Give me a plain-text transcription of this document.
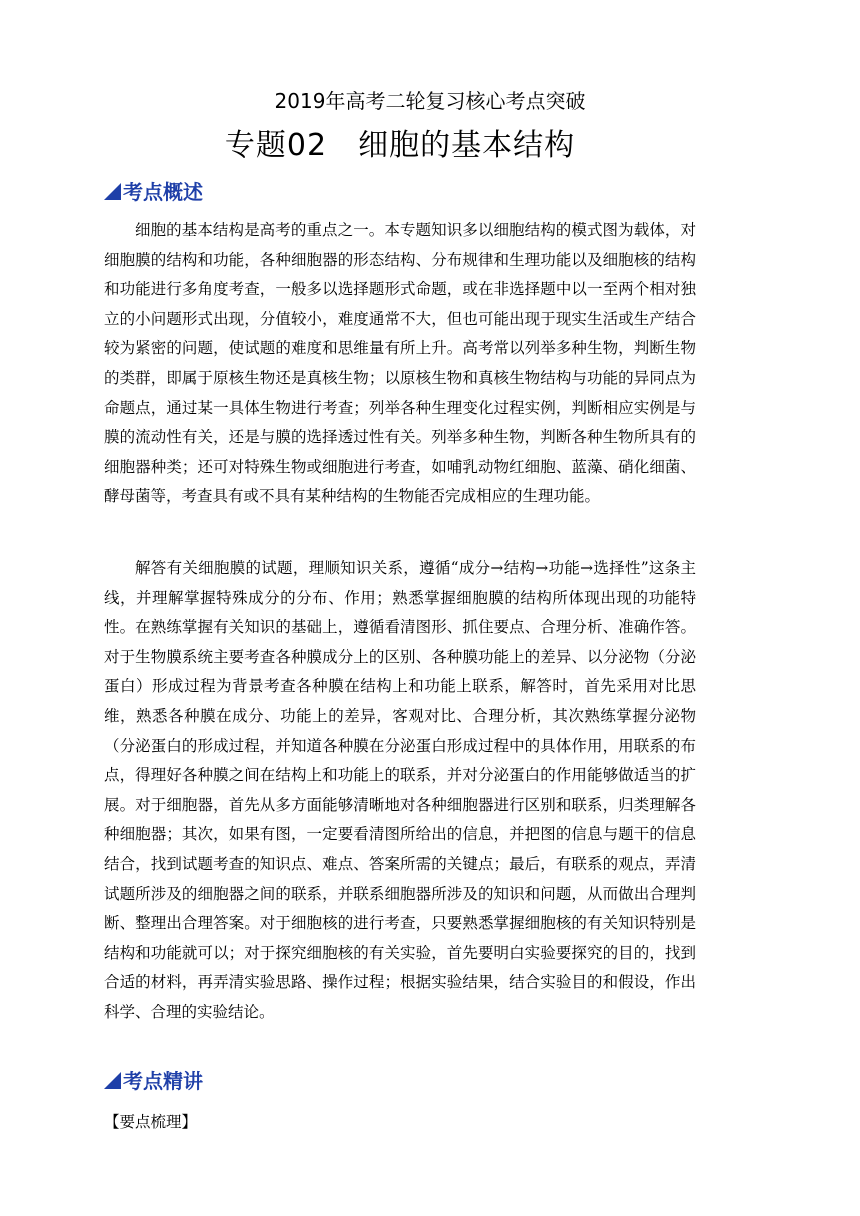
2019年高考二轮复习核心考点突破
专题02　细胞的基本结构
考点概述

细胞的基本结构是高考的重点之一。本专题知识多以细胞结构的模式图为载体，对细胞膜的结构和功能，各种细胞器的形态结构、分布规律和生理功能以及细胞核的结构和功能进行多角度考查，一般多以选择题形式命题，或在非选择题中以一至两个相对独立的小问题形式出现，分值较小，难度通常不大，但也可能出现于现实生活或生产结合较为紧密的问题，使试题的难度和思维量有所上升。高考常以列举多种生物，判断生物的类群，即属于原核生物还是真核生物；以原核生物和真核生物结构与功能的异同点为命题点，通过某一具体生物进行考查；列举各种生理变化过程实例，判断相应实例是与膜的流动性有关，还是与膜的选择透过性有关。列举多种生物，判断各种生物所具有的细胞器种类；还可对特殊生物或细胞进行考查，如哺乳动物红细胞、蓝藻、硝化细菌、酵母菌等，考查具有或不具有某种结构的生物能否完成相应的生理功能。

解答有关细胞膜的试题，理顺知识关系，遵循“成分→结构→功能→选择性”这条主线，并理解掌握特殊成分的分布、作用；熟悉掌握细胞膜的结构所体现出现的功能特性。在熟练掌握有关知识的基础上，遵循看清图形、抓住要点、合理分析、准确作答。对于生物膜系统主要考查各种膜成分上的区别、各种膜功能上的差异、以分泌物（分泌蛋白）形成过程为背景考查各种膜在结构上和功能上联系，解答时，首先采用对比思维，熟悉各种膜在成分、功能上的差异，客观对比、合理分析，其次熟练掌握分泌物（分泌蛋白的形成过程，并知道各种膜在分泌蛋白形成过程中的具体作用，用联系的布点，得理好各种膜之间在结构上和功能上的联系，并对分泌蛋白的作用能够做适当的扩展。对于细胞器，首先从多方面能够清晰地对各种细胞器进行区别和联系，归类理解各种细胞器；其次，如果有图，一定要看清图所给出的信息，并把图的信息与题干的信息结合，找到试题考查的知识点、难点、答案所需的关键点；最后，有联系的观点，弄清试题所涉及的细胞器之间的联系，并联系细胞器所涉及的知识和问题，从而做出合理判断、整理出合理答案。对于细胞核的进行考查，只要熟悉掌握细胞核的有关知识特别是结构和功能就可以；对于探究细胞核的有关实验，首先要明白实验要探究的目的，找到合适的材料，再弄清实验思路、操作过程；根据实验结果，结合实验目的和假设，作出科学、合理的实验结论。

考点精讲
【要点梳理】
